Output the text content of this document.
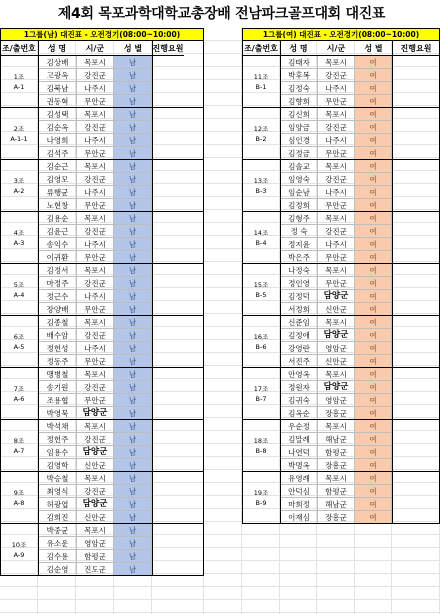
제4회 목포과학대학교총장배 전남파크골프대회 대진표
1그룹(남) 대진표 - 오전경기(08:00~10:00)
조/출번호	성 명	시/군	성 별	진행요원
1조
A-1
김상배	목포시	남
고광옥	강진군	남
김북남	나주시	남
권동혁	무안군	남
2조
A-1-1
김성택	목포시	남
김순옥	강진군	남
나영희	나주시	남
김석주	무안군	남
3조
A-2
김순근	목포시	남
김영모	강진군	남
류행균	나주시	남
노현창	무안군	남
4조
A-3
김용순	목포시	남
김윤근	강진군	남
송익수	나주시	남
이귀환	무안군	남
5조
A-4
김정서	목포시	남
마정주	강진군	남
정근수	나주시	남
장양배	무안군	남
6조
A-5
김종철	목포시	남
배수암	강진군	남
정헌성	나주시	남
정동주	무안군	남
7조
A-6
맹병철	목포시	남
송기원	강진군	남
조용협	무안군	남
박영묵	담양군	남
8조
A-7
박석채	목포시	남
정헌주	강진군	남
임용수	담양군	남
김영학	신안군	남
9조
A-8
박승철	목포시	남
최영식	강진군	남
허광엽	담양군	남
김희진	신안군	남
10조
A-9
박중균	목포시	남
유소운	영암군	남
김수용	함평군	남
김순영	진도군	남
1그룹(여) 대진표 - 오전경기(08:00~10:00)
조/출번호	성 명	시/군	성 별	진행요원
11조
B-1
김태자	목포시	여
박후복	강진군	여
김정숙	나주시	여
김향희	무안군	여
12조
B-2
김신희	목포시	여
임양금	강진군	여
심인경	나주시	여
김정금	무안군	여
13조
B-3
김솔교	목포시	여
임영숙	강진군	여
임순남	나주시	여
김정희	무안군	여
14조
B-4
김형주	목포시	여
정 숙	강진군	여
정지윤	나주시	여
박은주	무안군	여
15조
B-5
나정숙	목포시	여
정인영	무안군	여
김정덕	담양군	여
서정희	신안군	여
16조
B-6
신준임	목포시	여
김정애	담양군	여
강영란	영암군	여
서진주	신안군	여
17조
B-7
안영옥	목포시	여
정원자	담양군	여
김귀숙	영암군	여
김옥순	장흥군	여
18조
B-8
우순정	목포시	여
김말례	해남군	여
나연덕	함평군	여
박명옥	장흥군	여
19조
B-9
유영례	목포시	여
안덕심	함평군	여
마희정	해남군	여
이재심	장흥군	여
